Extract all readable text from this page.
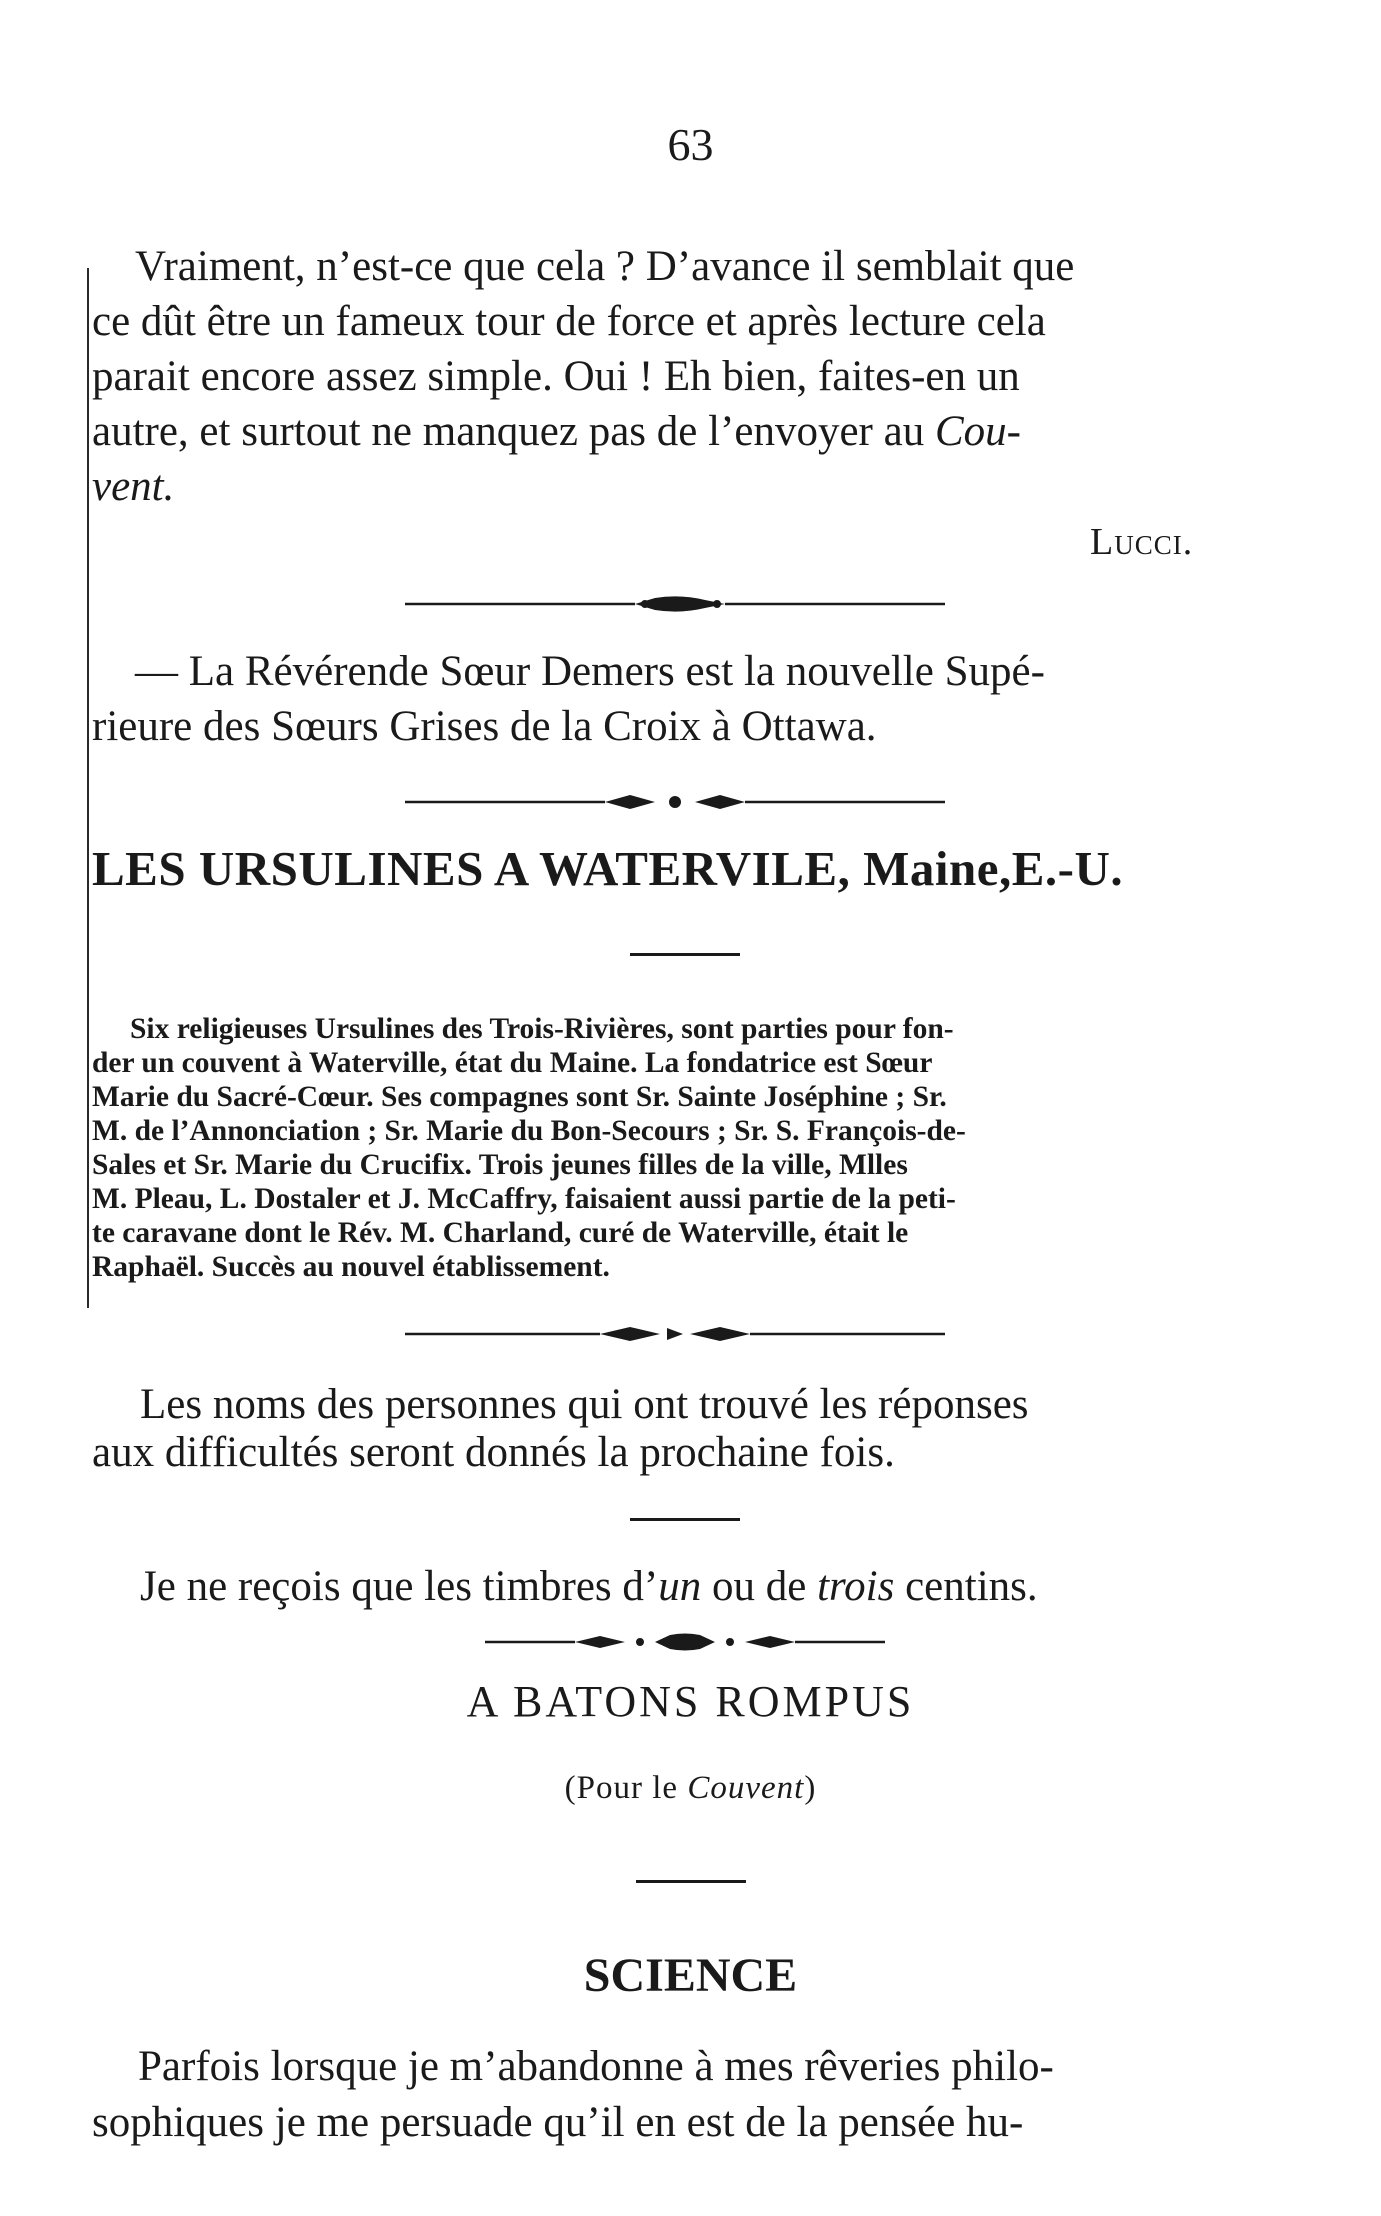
63
Vraiment, n’est-ce que cela ? D’avance il semblait que
ce dût être un fameux tour de force et après lecture cela
parait encore assez simple. Oui ! Eh bien, faites-en un
autre, et surtout ne manquez pas de l’envoyer au Cou-
vent.
Lucci.
— La Révérende Sœur Demers est la nouvelle Supé-
rieure des Sœurs Grises de la Croix à Ottawa.
LES URSULINES A WATERVILE, Maine,E.-U.
Six religieuses Ursulines des Trois-Rivières, sont parties pour fon-
der un couvent à Waterville, état du Maine. La fondatrice est Sœur
Marie du Sacré-Cœur. Ses compagnes sont Sr. Sainte Joséphine ; Sr.
M. de l’Annonciation ; Sr. Marie du Bon-Secours ; Sr. S. François-de-
Sales et Sr. Marie du Crucifix. Trois jeunes filles de la ville, Mlles
M. Pleau, L. Dostaler et J. McCaffry, faisaient aussi partie de la peti-
te caravane dont le Rév. M. Charland, curé de Waterville, était le
Raphaël. Succès au nouvel établissement.
Les noms des personnes qui ont trouvé les réponses
aux difficultés seront donnés la prochaine fois.
Je ne reçois que les timbres d’un ou de trois centins.
A BATONS ROMPUS
(Pour le Couvent)
SCIENCE
Parfois lorsque je m’abandonne à mes rêveries philo-
sophiques je me persuade qu’il en est de la pensée hu-
